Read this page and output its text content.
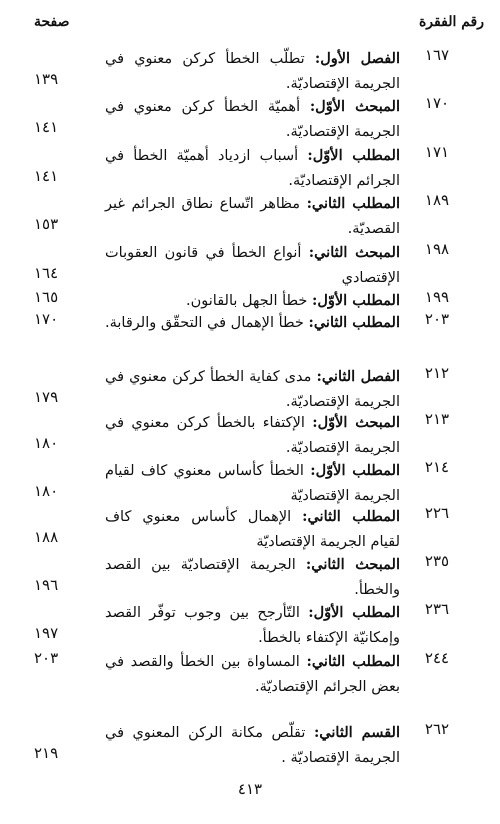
رقم الفقرة
صفحة
١٦٧
الفصل الأول: تطلّب الخطأ كركن معنوي في الجريمة الإقتصاديّة.
١٣٩
١٧٠
المبحث الأوّل: أهميّة الخطأ كركن معنوي في الجريمة الإقتصاديّة.
١٤١
١٧١
المطلب الأوّل: أسباب ازدياد أهميّة الخطأ في الجرائم الإقتصاديّة.
١٤١
١٨٩
المطلب الثاني: مظاهر اتّساع نطاق الجرائم غير القصديّة.
١٥٣
١٩٨
المبحث الثاني: أنواع الخطأ في قانون العقوبات الإقتصادي
١٦٤
١٩٩
المطلب الأوّل: خطأ الجهل بالقانون.
١٦٥
٢٠٣
المطلب الثاني: خطأ الإهمال في التحقّق والرقابة.
١٧٠
٢١٢
الفصل الثاني: مدى كفاية الخطأ كركن معنوي في الجريمة الإقتصاديّة.
١٧٩
٢١٣
المبحث الأوّل: الإكتفاء بالخطأ كركن معنوي في الجريمة الإقتصاديّة.
١٨٠
٢١٤
المطلب الأوّل: الخطأ كأساس معنوي كاف لقيام الجريمة الإقتصاديّة
١٨٠
٢٢٦
المطلب الثاني: الإهمال كأساس معنوي كاف لقيام الجريمة الإقتصاديّة
١٨٨
٢٣٥
المبحث الثاني: الجريمة الإقتصاديّة بين القصد والخطأ.
١٩٦
٢٣٦
المطلب الأوّل: التّأرجح بين وجوب توفّر القصد وإمكانيّة الإكتفاء بالخطأ.
١٩٧
٢٤٤
المطلب الثاني: المساواة بين الخطأ والقصد في بعض الجرائم الإقتصاديّة.
٢٠٣
٢٦٢
القسم الثاني: تقلّص مكانة الركن المعنوي في الجريمة الإقتصاديّة .
٢١٩
٤١٣
